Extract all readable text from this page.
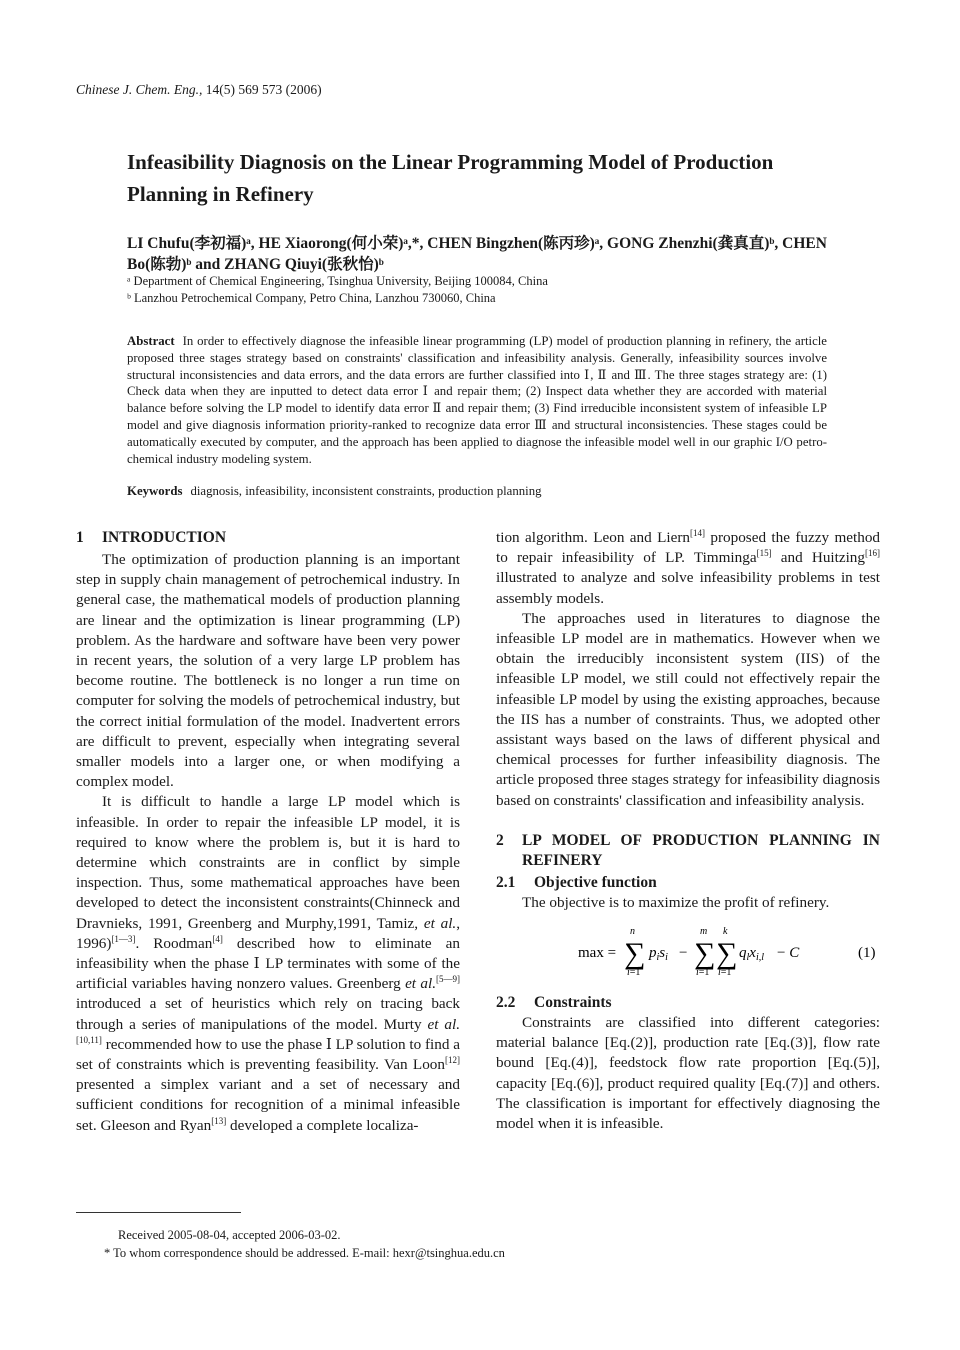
Chinese J. Chem. Eng., 14(5) 569 573 (2006)
Infeasibility Diagnosis on the Linear Programming Model of Production Planning in Refinery
LI Chufu(李初福)ᵃ, HE Xiaorong(何小荣)ᵃ,*, CHEN Bingzhen(陈丙珍)ᵃ, GONG Zhenzhi(龚真直)ᵇ, CHEN Bo(陈勃)ᵇ and ZHANG Qiuyi(张秋怡)ᵇ
ᵃ Department of Chemical Engineering, Tsinghua University, Beijing 100084, China
ᵇ Lanzhou Petrochemical Company, Petro China, Lanzhou 730060, China
Abstract In order to effectively diagnose the infeasible linear programming (LP) model of production planning in refinery, the article proposed three stages strategy based on constraints' classification and infeasibility analysis. Generally, infeasibility sources involve structural inconsistencies and data errors, and the data errors are further classified into Ⅰ, Ⅱ and Ⅲ. The three stages strategy are: (1) Check data when they are inputted to detect data error Ⅰ and repair them; (2) Inspect data whether they are accorded with material balance before solving the LP model to identify data error Ⅱ and repair them; (3) Find irreducible inconsistent system of infeasible LP model and give diagnosis information priority-ranked to recognize data error Ⅲ and structural inconsistencies. These stages could be automatically executed by computer, and the approach has been applied to diagnose the infeasible model well in our graphic I/O petro-chemical industry modeling system.
Keywords diagnosis, infeasibility, inconsistent constraints, production planning
1 INTRODUCTION

The optimization of production planning is an important step in supply chain management of petrochemical industry. In general case, the mathematical models of production planning are linear and the optimization is linear programming (LP) problem. As the hardware and software have been very power in recent years, the solution of a very large LP problem has become routine. The bottleneck is no longer a run time on computer for solving the models of petrochemical industry, but the correct initial formulation of the model. Inadvertent errors are difficult to prevent, especially when integrating several smaller models into a larger one, or when modifying a complex model.

It is difficult to handle a large LP model which is infeasible. In order to repair the infeasible LP model, it is required to know where the problem is, but it is hard to determine which constraints are in conflict by simple inspection. Thus, some mathematical approaches have been developed to detect the inconsistent constraints(Chinneck and Dravnieks, 1991, Greenberg and Murphy,1991, Tamiz, et al., 1996)[1—3]. Roodman[4] described how to eliminate an infeasibility when the phase Ⅰ LP terminates with some of the artificial variables having nonzero values. Greenberg et al.[5—9] introduced a set of heuristics which rely on tracing back through a series of manipulations of the model. Murty et al.[10,11] recommended how to use the phase Ⅰ LP solution to find a set of constraints which is preventing feasibility. Van Loon[12] presented a simplex variant and a set of necessary and sufficient conditions for recognition of a minimal infeasible set. Gleeson and Ryan[13] developed a complete localiza-

tion algorithm. Leon and Liern[14] proposed the fuzzy method to repair infeasibility of LP. Timminga[15] and Huitzing[16] illustrated to analyze and solve infeasibility problems in test assembly models.

The approaches used in literatures to diagnose the infeasible LP model are in mathematics. However when we obtain the irreducibly inconsistent system (IIS) of the infeasible LP model, we still could not effectively repair the infeasible LP model by using the existing approaches, because the IIS has a number of constraints. Thus, we adopted other assistant ways based on the laws of different physical and chemical processes for further infeasibility diagnosis. The article proposed three stages strategy for infeasibility diagnosis based on constraints' classification and infeasibility analysis.

2	LP MODEL OF PRODUCTION PLANNING IN REFINERY
2.1 Objective function

The objective is to maximize the profit of refinery.

max = ∑
n
i=1
$p_is_i$ − ∑
m
i=1
∑
k
l=1
$q_lx_{i,l} - C$	(1)
2.2 Constraints

Constraints are classified into different categories: material balance [Eq.(2)], production rate [Eq.(3)], flow rate bound [Eq.(4)], feedstock flow rate proportion [Eq.(5)], capacity [Eq.(6)], product required quality [Eq.(7)] and others. The classification is important for effectively diagnosing the model when it is infeasible.

Received 2005-08-04, accepted 2006-03-02.
* To whom correspondence should be addressed. E-mail: hexr@tsinghua.edu.cn
